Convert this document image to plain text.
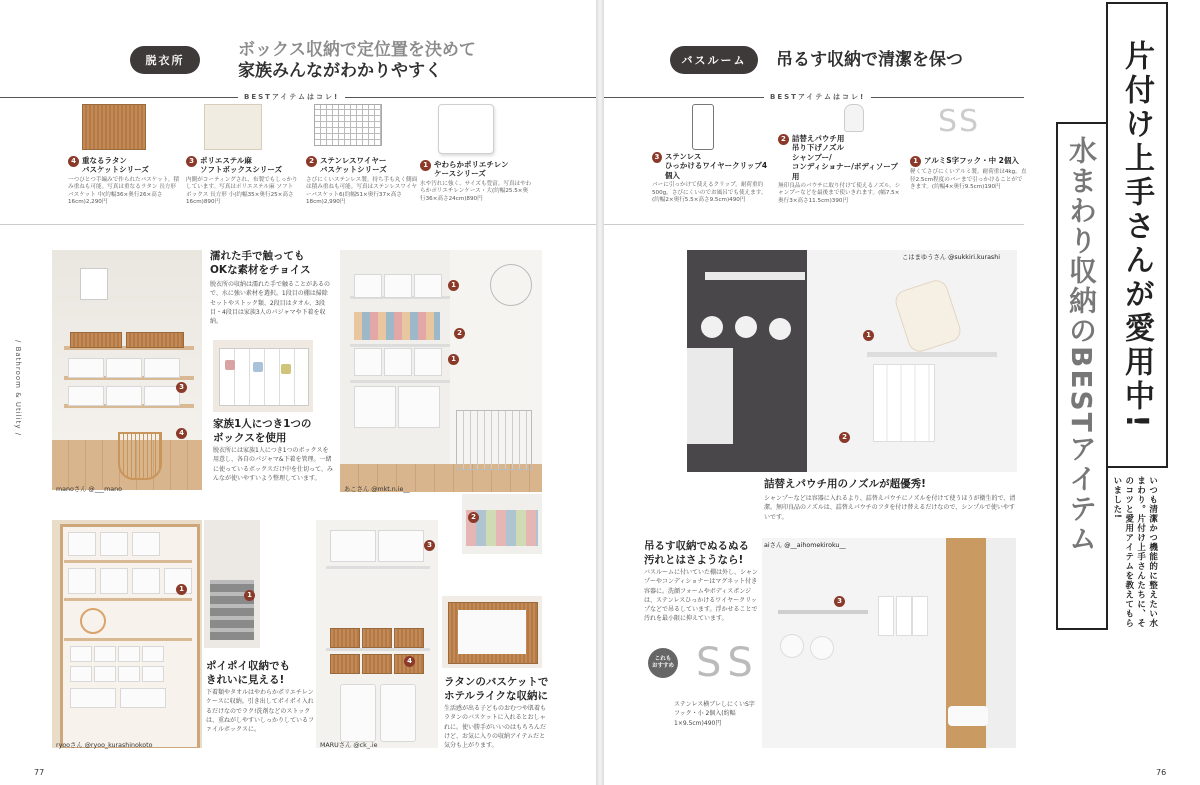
脱衣所
ボックス収納で定位置を決めて
家族みんながわかりやすく
BESTアイテムはコレ!
4 重なるラタン
バスケットシリーズ
一つひとつ手編みで作られたバスケット。積み重ねも可能。写真は重なるラタン 長方形バスケット 中(約幅36×奥行26×高さ16cm)2,290円
3 ポリエステル麻
ソフトボックスシリーズ
内側がコーティングされ、布製でもしっかりしています。写真はポリエステル麻 ソフトボックス 長方形 小(約幅35×奥行25×高さ16cm)890円
2 ステンレスワイヤー
バスケットシリーズ
さびにくいステンレス製。持ち手も丸く側面は積み重ねも可能。写真はステンレスワイヤーバスケット6(約幅51×奥行37×高さ18cm)2,990円
1 やわらかポリエチレン
ケースシリーズ
水や汚れに強く、サイズも豊富。写真はやわらかポリエチレンケース・大(約幅25.5×奥行36×高さ24cm)890円
/ Bathroom & Utility /	3
4
manoさん @___mano
濡れた手で触っても
OKな素材をチョイス
脱衣所の収納は濡れた手で触ることがあるので、水に強い素材を選択。1段目の棚は掃除セットやストック類、2段目はタオル、3段目・4段目は家族3人のパジャマや下着を収納。
家族1人につき1つの
ボックスを使用
脱衣所には家族1人につき1つのボックスを用意し、各自のパジャマ&下着を管理。一緒に使っているボックスだけ中を仕切って、みんなが使いやすいよう整理しています。
1
2
1
あこさん @mkt.n.ie__
2
1
ryooさん @ryoo_kurashinokoto
1
ポイポイ収納でも
きれいに見える!
下着類やタオルはやわらかポリエチレンケースに収納。引き出してポイポイ入れるだけなのでラク!洗剤などのストックは、重ねがしやすいしっかりしているファイルボックスに。
3
4
MARUさん @ck_.ie
ラタンのバスケットで
ホテルライクな収納に
生活感が出る子どものおむつや肌着もラタンのバスケットに入れるとおしゃれに。使い勝手がいいのはもちろんだけど、お気に入りの収納アイテムだと気分も上がります。
77
バスルーム	吊るす収納で清潔を保つ
BESTアイテムはコレ!
3 ステンレス
ひっかけるワイヤークリップ4個入
バーに引っかけて使えるクリップ。耐荷重約500g。さびにくいのでお風呂でも使えます。(約幅2×奥行5.5×高さ9.5cm)490円
2 詰替えパウチ用
吊り下げノズル
シャンプー/
コンディショナー/ボディソープ用
無印良品のパウチに取り付けて使えるノズル。シャンプーなどを最後まで使いきれます。(幅7.5×奥行3×高さ11.5cm)390円
SS
1 アルミS字フック・中 2個入
軽くてさびにくいアルミ製。耐荷重は4kg。直径2.5cm程度のバーまで引っかけることができます。(約幅4×奥行9.5cm)190円	片付け上手さんが愛用中!
水まわり収納のBESTアイテム	いつも清潔かつ機能的に整えたい水まわり。片付け上手さんたちに、そのコツと愛用アイテムを教えてもらいました!
1
2
こはまゆうさん @sukkiri.kurashi
詰替えパウチ用のノズルが超優秀!
シャンプーなどは容器に入れるより、詰替えパウチにノズルを付けて使うほうが衛生的で、清潔。無印良品のノズルは、詰替えパウチのフタを付け替えるだけなので、シンプルで使いやすいです。
吊るす収納でぬるぬる
汚れとはさようなら!
バスルームに付いていた棚は外し、シャンプーやコンディショナーはマグネット付き容器に。洗顔フォームやボディスポンジは、ステンレスひっかけるワイヤークリップなどで吊るしています。浮かせることで汚れを最小限に抑えています。
これも
おすすめ SS
ステンレス横ブレしにくいS字フック・小 2個入(約幅1×9.5cm)490円
3
aiさん @__aihomekiroku__
76
